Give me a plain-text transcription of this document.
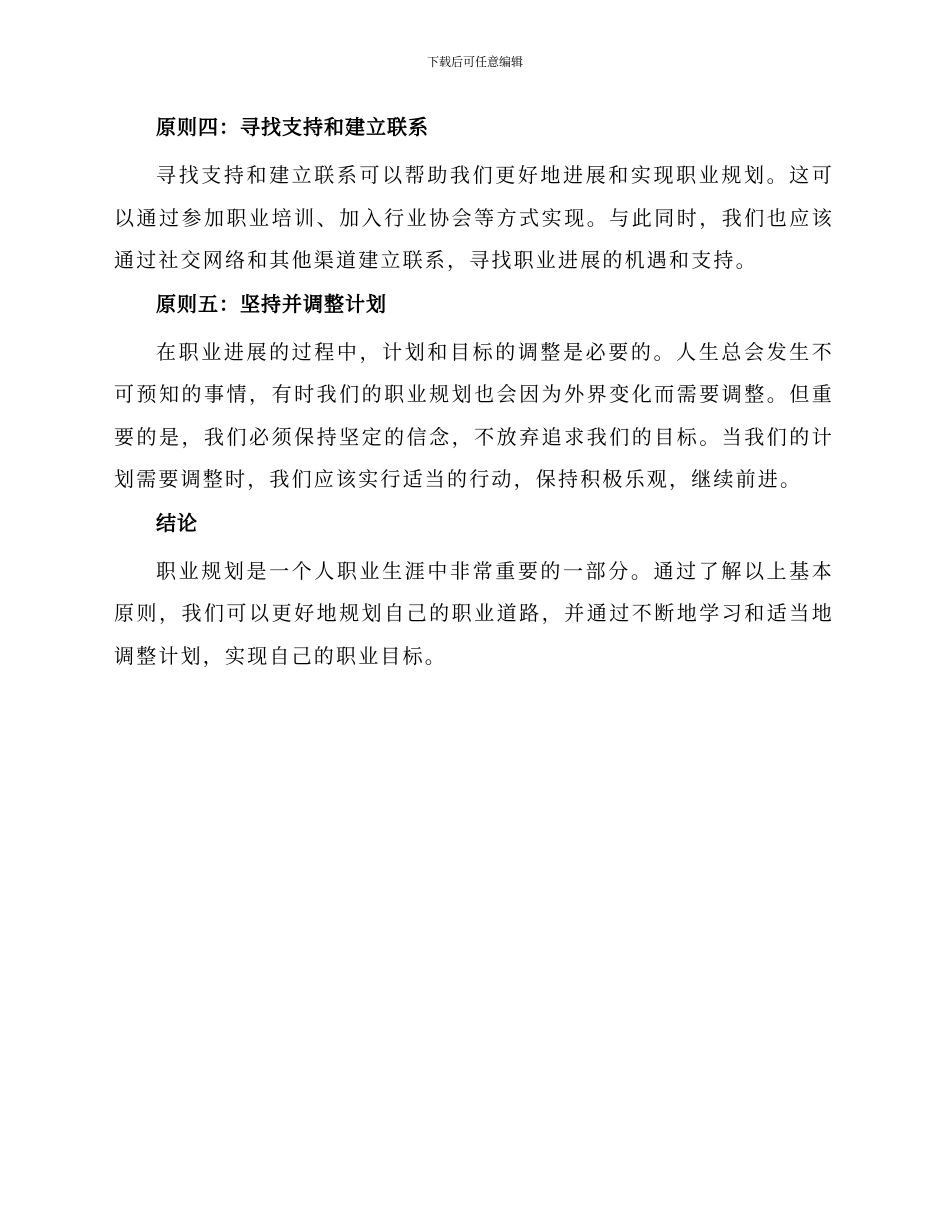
下载后可任意编辑
原则四：寻找支持和建立联系

寻找支持和建立联系可以帮助我们更好地进展和实现职业规划。这可以通过参加职业培训、加入行业协会等方式实现。与此同时，我们也应该通过社交网络和其他渠道建立联系，寻找职业进展的机遇和支持。

原则五：坚持并调整计划

在职业进展的过程中，计划和目标的调整是必要的。人生总会发生不可预知的事情，有时我们的职业规划也会因为外界变化而需要调整。但重要的是，我们必须保持坚定的信念，不放弃追求我们的目标。当我们的计划需要调整时，我们应该实行适当的行动，保持积极乐观，继续前进。

结论

职业规划是一个人职业生涯中非常重要的一部分。通过了解以上基本原则，我们可以更好地规划自己的职业道路，并通过不断地学习和适当地调整计划，实现自己的职业目标。
